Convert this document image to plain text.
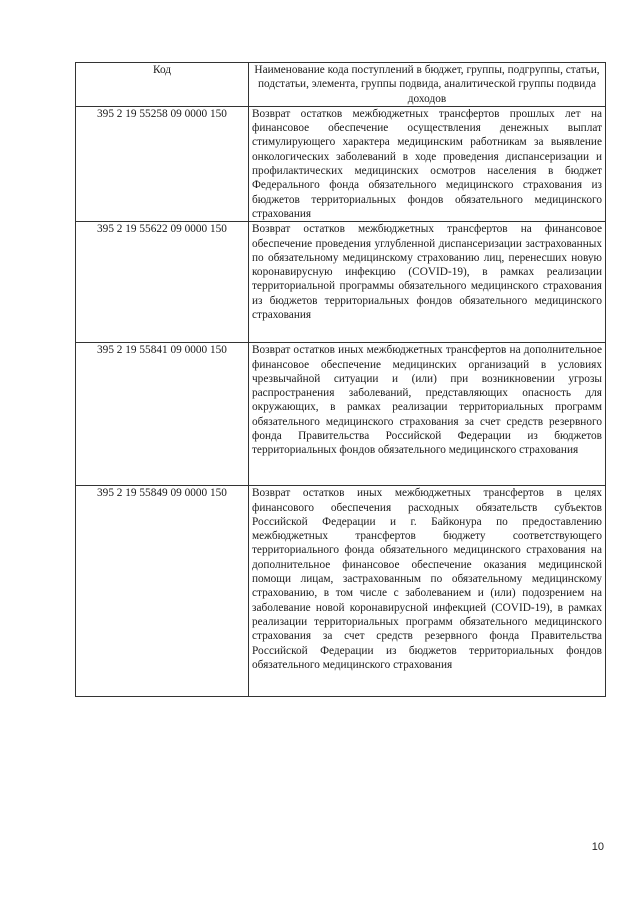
Код	Наименование кода поступлений в бюджет, группы, подгруппы, статьи, подстатьи, элемента, группы подвида, аналитической группы подвида доходов
395 2 19 55258 09 0000 150	Возврат остатков межбюджетных трансфертов прошлых лет на финансовое обеспечение осуществления денежных выплат стимулирующего характера медицинским работникам за выявление онкологических заболеваний в ходе проведения диспансеризации и профилактических медицинских осмотров населения в бюджет Федерального фонда обязательного медицинского страхования из бюджетов территориальных фондов обязательного медицинского страхования
395 2 19 55622 09 0000 150	Возврат остатков межбюджетных трансфертов на финансовое обеспечение проведения углубленной диспансеризации застрахованных по обязательному медицинскому страхованию лиц, перенесших новую коронавирусную инфекцию (COVID-19), в рамках реализации территориальной программы обязательного медицинского страхования из бюджетов территориальных фондов обязательного медицинского страхования
395 2 19 55841 09 0000 150	Возврат остатков иных межбюджетных трансфертов на дополнительное финансовое обеспечение медицинских организаций в условиях чрезвычайной ситуации и (или) при возникновении угрозы распространения заболеваний, представляющих опасность для окружающих, в рамках реализации территориальных программ обязательного медицинского страхования за счет средств резервного фонда Правительства Российской Федерации из бюджетов территориальных фондов обязательного медицинского страхования
395 2 19 55849 09 0000 150	Возврат остатков иных межбюджетных трансфертов в целях финансового обеспечения расходных обязательств субъектов Российской Федерации и г. Байконура по предоставлению межбюджетных трансфертов бюджету соответствующего территориального фонда обязательного медицинского страхования на дополнительное финансовое обеспечение оказания медицинской помощи лицам, застрахованным по обязательному медицинскому страхованию, в том числе с заболеванием и (или) подозрением на заболевание новой коронавирусной инфекцией (COVID-19), в рамках реализации территориальных программ обязательного медицинского страхования за счет средств резервного фонда Правительства Российской Федерации из бюджетов территориальных фондов обязательного медицинского страхования
10
